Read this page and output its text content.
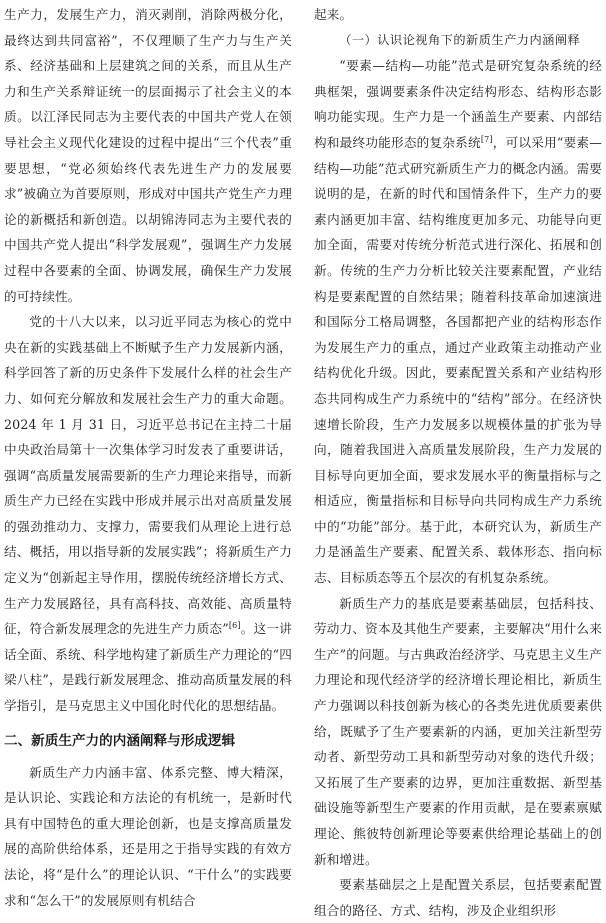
生产力，发展生产力，消灭剥削，消除两极分化，最终达到共同富裕”，不仅理顺了生产力与生产关系、经济基础和上层建筑之间的关系，而且从生产力和生产关系辩证统一的层面揭示了社会主义的本质。以江泽民同志为主要代表的中国共产党人在领导社会主义现代化建设的过程中提出“三个代表”重要思想，“党必须始终代表先进生产力的发展要求”被确立为首要原则，形成对中国共产党生产力理论的新概括和新创造。以胡锦涛同志为主要代表的中国共产党人提出“科学发展观”，强调生产力发展过程中各要素的全面、协调发展，确保生产力发展的可持续性。

党的十八大以来，以习近平同志为核心的党中央在新的实践基础上不断赋予生产力发展新内涵，科学回答了新的历史条件下发展什么样的社会生产力、如何充分解放和发展社会生产力的重大命题。2024 年 1 月 31 日，习近平总书记在主持二十届中央政治局第十一次集体学习时发表了重要讲话，强调“高质量发展需要新的生产力理论来指导，而新质生产力已经在实践中形成并展示出对高质量发展的强劲推动力、支撑力，需要我们从理论上进行总结、概括，用以指导新的发展实践”；将新质生产力定义为“创新起主导作用，摆脱传统经济增长方式、生产力发展路径，具有高科技、高效能、高质量特征，符合新发展理念的先进生产力质态”[6]。这一讲话全面、系统、科学地构建了新质生产力理论的“四梁八柱”，是践行新发展理念、推动高质量发展的科学指引，是马克思主义中国化时代化的思想结晶。

二、新质生产力的内涵阐释与形成逻辑

新质生产力内涵丰富、体系完整、博大精深，是认识论、实践论和方法论的有机统一，是新时代具有中国特色的重大理论创新，也是支撑高质量发展的高阶供给体系，还是用之于指导实践的有效方法论，将“是什么”的理论认识、“干什么”的实践要求和“怎么干”的发展原则有机结合

起来。

（一）认识论视角下的新质生产力内涵阐释

“要素—结构—功能”范式是研究复杂系统的经典框架，强调要素条件决定结构形态、结构形态影响功能实现。生产力是一个涵盖生产要素、内部结构和最终功能形态的复杂系统[7]，可以采用“要素—结构—功能”范式研究新质生产力的概念内涵。需要说明的是，在新的时代和国情条件下，生产力的要素内涵更加丰富、结构维度更加多元、功能导向更加全面，需要对传统分析范式进行深化、拓展和创新。传统的生产力分析比较关注要素配置，产业结构是要素配置的自然结果；随着科技革命加速演进和国际分工格局调整，各国都把产业的结构形态作为发展生产力的重点，通过产业政策主动推动产业结构优化升级。因此，要素配置关系和产业结构形态共同构成生产力系统中的“结构”部分。在经济快速增长阶段，生产力发展多以规模体量的扩张为导向，随着我国进入高质量发展阶段，生产力发展的目标导向更加全面，要求发展水平的衡量指标与之相适应，衡量指标和目标导向共同构成生产力系统中的“功能”部分。基于此，本研究认为，新质生产力是涵盖生产要素、配置关系、载体形态、指向标志、目标质态等五个层次的有机复杂系统。

新质生产力的基底是要素基础层，包括科技、劳动力、资本及其他生产要素，主要解决“用什么来生产”的问题。与古典政治经济学、马克思主义生产力理论和现代经济学的经济增长理论相比，新质生产力强调以科技创新为核心的各类先进优质要素供给，既赋予了生产要素新的内涵，更加关注新型劳动者、新型劳动工具和新型劳动对象的迭代升级；又拓展了生产要素的边界，更加注重数据、新型基础设施等新型生产要素的作用贡献，是在要素禀赋理论、熊彼特创新理论等要素供给理论基础上的创新和增进。

要素基础层之上是配置关系层，包括要素配置组合的路径、方式、结构，涉及企业组织形
